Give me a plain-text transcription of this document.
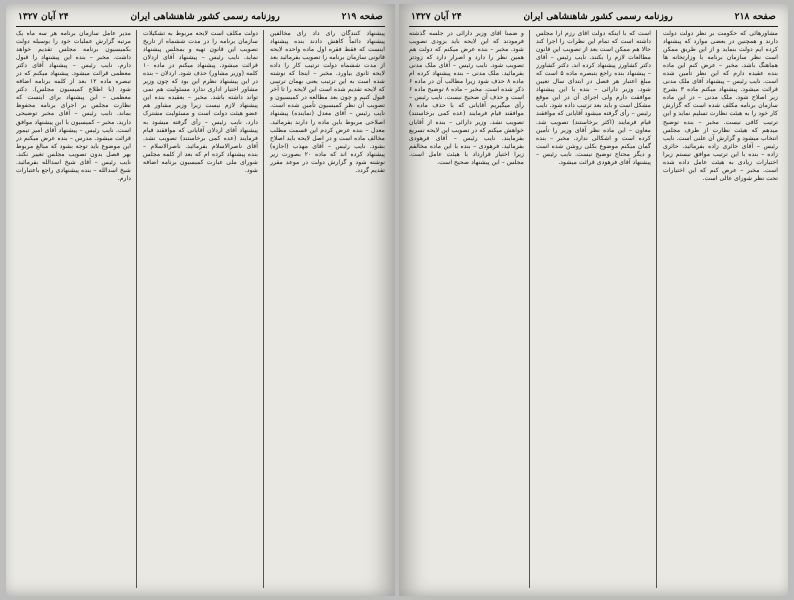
صفحه ۲۱۹
روزنامه رسمی کشور شاهنشاهی ایران
۲۴ آبان ۱۳۲۷

پیشنهاد کنندگان رای داد رای مخالفین پیشنهاد دائماً کاهش دادند بنده پیشنهاد اینست که فقط فقره اول ماده واحده لایحه قانونی سازمان برنامه را تصویب بفرمائید بعد از مدت ششماه دولت ترتیب کار را داده لایحه ثانوی بیاورد. مخبر – اینجا که نوشته شده است به این ترتیب یعنی بهمان ترتیبی که لایحه تقدیم شده است این لایحه را تا آخر قبول کنیم و چون بعد مطالعه در کمیسیون و تصویب آن نظر کمیسیون تأمین شده است. نایب رئیس – آقای معدل (نماینده) پیشنهاد اصلاحی مربوط باین ماده را دارند بفرمائید. معدل – بنده عرض کردم این قسمت مطلب مخالف ماده است و در اصل لایحه باید اصلاح بشود. نایب رئیس – آقای مهذب (اجازه) پیشنهاد کرده اند که ماده ۲۰ بصورت زیر نوشته شود و گزارش دولت در موعد مقرر تقدیم گردد.

دولت مکلف است لایحه مربوط به تشکیلات سازمان برنامه را در مدت ششماه از تاریخ تصویب این قانون تهیه و بمجلس پیشنهاد نماید. نایب رئیس – پیشنهاد آقای اردلان قرائت میشود. پیشنهاد میکنم در ماده ۱۰ کلمه (وزیر مشاور) حذف شود. اردلان – بنده در این پیشنهاد نظرم این بود که چون وزیر مشاور اختیار اداری ندارد مسئولیت هم نمی تواند داشته باشد. مخبر – بعقیده بنده این پیشنهاد لازم نیست زیرا وزیر مشاور هم عضو هیئت دولت است و مسئولیت مشترک دارد. نایب رئیس – رأی گرفته میشود به پیشنهاد آقای اردلان آقایانی که موافقند قیام فرمایند (عده کمی برخاستند) تصویب نشد. آقای ناصرالاسلام بفرمائید. ناصرالاسلام – بنده پیشنهاد کرده ام که بعد از کلمه مجلس شورای ملی عبارت کمیسیون برنامه اضافه شود.

مدیر عامل سازمان برنامه هر سه ماه یک مرتبه گزارش عملیات خود را بوسیله دولت بکمیسیون برنامه مجلس تقدیم خواهد داشت. مخبر – بنده این پیشنهاد را قبول دارم. نایب رئیس – پیشنهاد آقای دکتر معظمی قرائت میشود. پیشنهاد میکنم که در تبصره ماده ۱۲ بعد از کلمه برنامه اضافه شود (با اطلاع کمیسیون مجلس). دکتر معظمی – این پیشنهاد برای اینست که نظارت مجلس بر اجرای برنامه محفوظ بماند. نایب رئیس – آقای مخبر توضیحی دارید. مخبر – کمیسیون با این پیشنهاد موافق است. نایب رئیس – پیشنهاد آقای امیر تیمور قرائت میشود. مدرس – بنده عرض میکنم در این موضوع باید توجه بشود که مبالغ مربوط بهر فصل بدون تصویب مجلس تغییر نکند. نایب رئیس – آقای شیخ اسدالله بفرمائید. شیخ اسدالله – بنده پیشنهادی راجع باعتبارات دارم.

صفحه ۲۱۸
روزنامه رسمی کشور شاهنشاهی ایران
۲۴ آبان ۱۳۲۷

مشاورهائی که حکومت بر نظر دولت دولت دارند و همچنین در بعضی موارد که پیشنهاد کرده ایم دولت بنماید و از این طریق ممکن است نظر سازمان برنامه با وزارتخانه ها هماهنگ باشد. مخبر – عرض کنم این ماده بنده عقیده دارم که این نظر تأمین شده است. نایب رئیس – پیشنهاد آقای ملک مدنی قرائت میشود. پیشنهاد میکنم ماده ۳ بشرح زیر اصلاح شود. ملک مدنی – در این ماده سازمان برنامه مکلف شده است که گزارش کار خود را به هیئت نظارت تسلیم نماید و این ترتیب کافی نیست. مخبر – بنده توضیح میدهم که هیئت نظارت از طرف مجلس انتخاب میشود و گزارش آن علنی است. نایب رئیس – آقای حائری زاده بفرمائید. حائری زاده – بنده با این ترتیب موافق نیستم زیرا اختیارات زیادی به هیئت عامل داده شده است. مخبر – عرض کنم که این اختیارات تحت نظر شورای عالی است.

است که با اینکه دولت آقای رزم آرا مجلس داشته است که تمام این نظرات را اجرا کند حالا هم ممکن است بعد از تصویب این قانون مطالعات لازم را بکنند. نایب رئیس – آقای دکتر کشاورز پیشنهاد کرده اند. دکتر کشاورز – پیشنهاد بنده راجع بتبصره ماده ۵ است که مبلغ اعتبار هر فصل در ابتدای سال تعیین شود. وزیر دارائی – بنده با این پیشنهاد موافقت دارم ولی اجرای آن در این موقع مشکل است و باید بعد ترتیب داده شود. نایب رئیس – رأی گرفته میشود آقایانی که موافقند قیام فرمایند (اکثر برخاستند) تصویب شد. معاون – این ماده نظر آقای وزیر را تأمین کرده است و اشکالی ندارد. مخبر – بنده گمان میکنم موضوع بکلی روشن شده است و دیگر محتاج توضیح نیست. نایب رئیس – پیشنهاد آقای فرهودی قرائت میشود.

و ضمناً آقای وزیر دارائی در جلسه گذشته فرمودند که این لایحه باید بزودی تصویب شود. مخبر – بنده عرض میکنم که دولت هم همین نظر را دارد و اصرار دارد که زودتر تصویب شود. نایب رئیس – آقای ملک مدنی بفرمائید. ملک مدنی – بنده پیشنهاد کرده ام ماده ۸ حذف شود زیرا مطالب آن در ماده ۶ ذکر شده است. مخبر – ماده ۸ توضیح ماده ۶ است و حذف آن صحیح نیست. نایب رئیس – رأی میگیریم آقایانی که با حذف ماده ۸ موافقند قیام فرمایند (عده کمی برخاستند) تصویب نشد. وزیر دارائی – بنده از آقایان خواهش میکنم که در تصویب این لایحه تسریع بفرمایند. نایب رئیس – آقای فرهودی بفرمائید. فرهودی – بنده با این ماده مخالفم زیرا اختیار قرارداد با هیئت عامل است. مجلس – این پیشنهاد صحیح است.
